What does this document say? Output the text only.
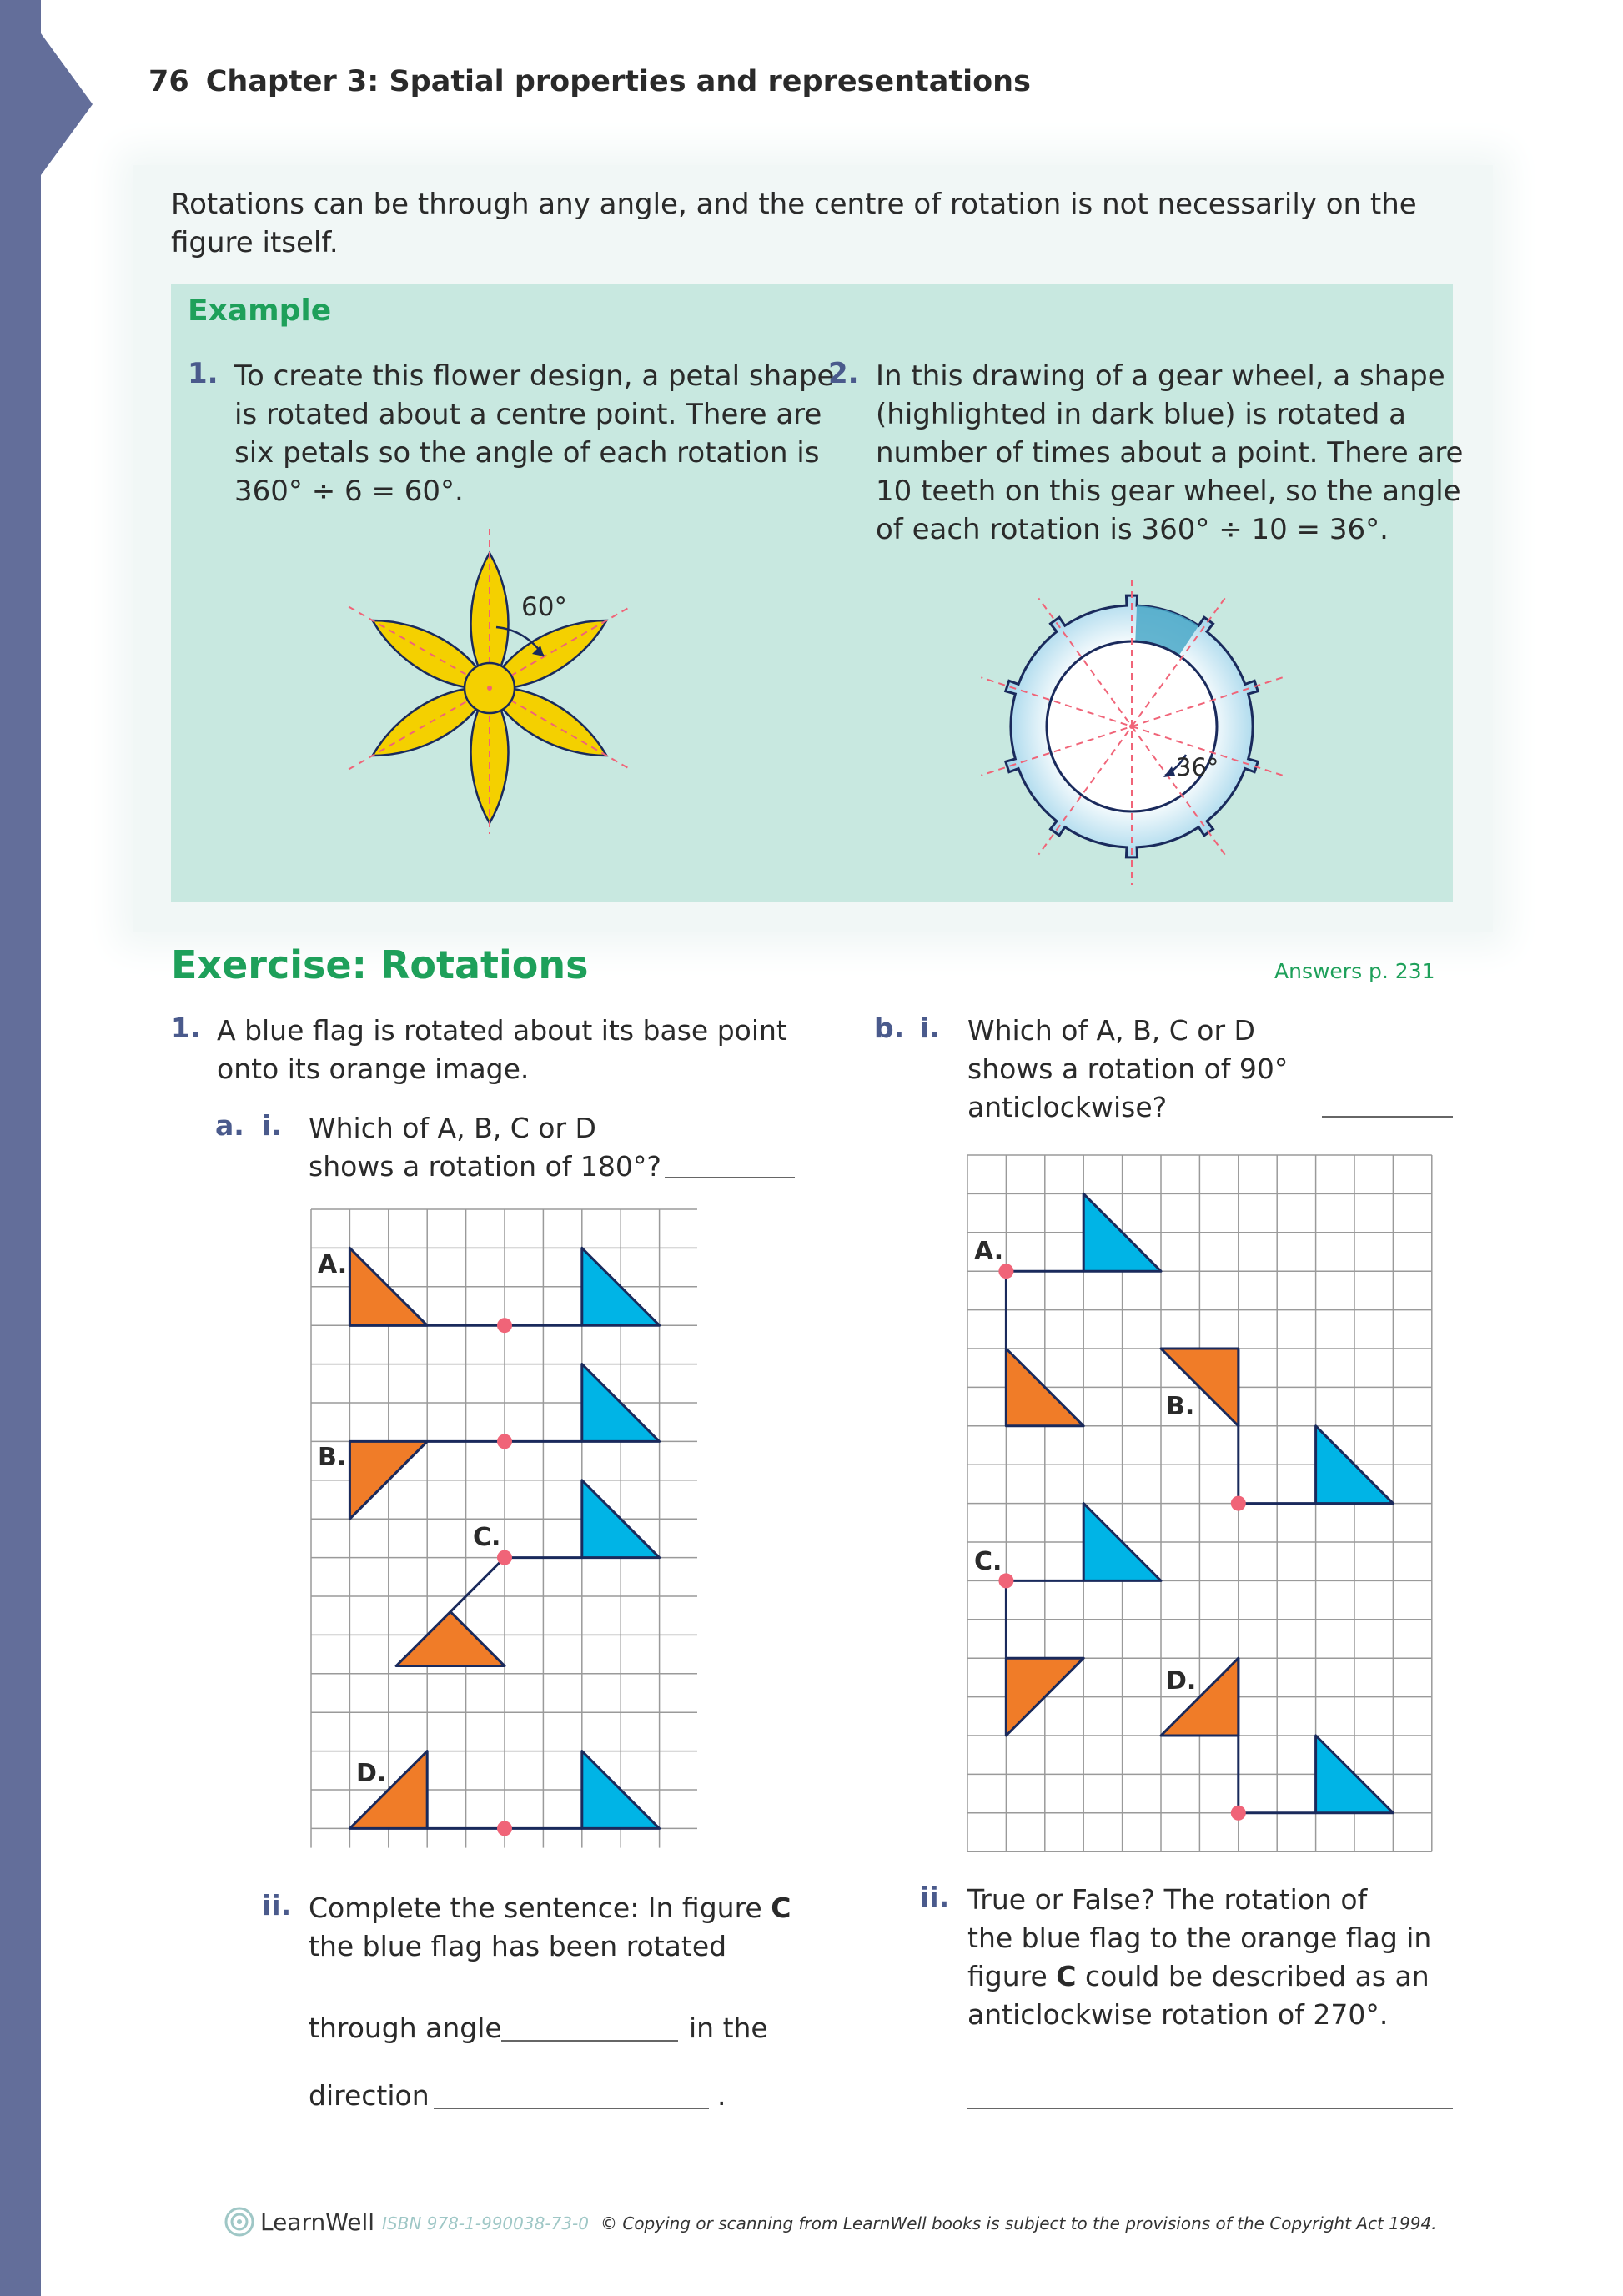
76 Chapter 3: Spatial properties and representations
Rotations can be through any angle, and the centre of rotation is not necessarily on the figure itself.
Example
1. To create this flower design, a petal shape
is rotated about a centre point. There are
six petals so the angle of each rotation is
360° ÷ 6 = 60°.
2. In this drawing of a gear wheel, a shape
(highlighted in dark blue) is rotated a
number of times about a point. There are
10 teeth on this gear wheel, so the angle
of each rotation is 360° ÷ 10 = 36°.
60°
36°
Exercise: Rotations	Answers p. 231
1. A blue flag is rotated about its base point
onto its orange image.
a. i. Which of A, B, C or D
shows a rotation of 180°?
A.
B.
C.
D.
ii. Complete the sentence: In figure C
the blue flag has been rotated
through angle	in the
direction	.
b. i. Which of A, B, C or D
shows a rotation of 90°
anticlockwise?
A.
B.
C.
D.
ii. True or False? The rotation of
the blue flag to the orange flag in
figure C could be described as an
anticlockwise rotation of 270°.
LearnWell ISBN 978-1-990038-73-0 © Copying or scanning from LearnWell books is subject to the provisions of the Copyright Act 1994.
